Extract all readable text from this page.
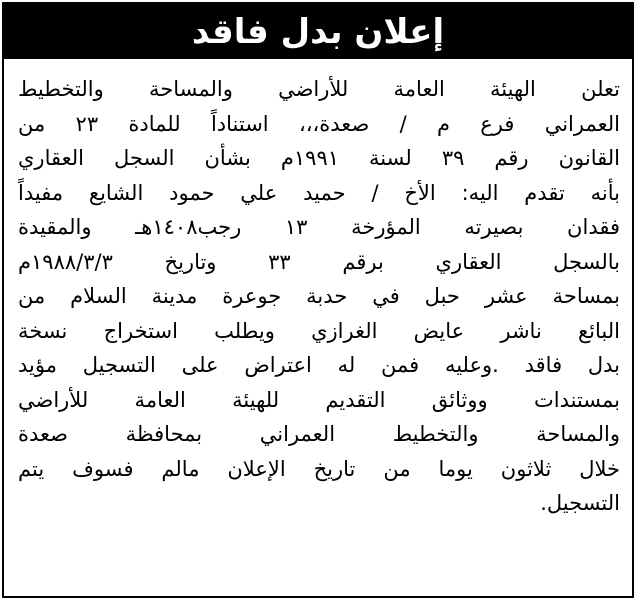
إعلان بدل فاقد
تعلن الهيئة العامة للأراضي والمساحة والتخطيط
العمراني فرع م / صعدة،،، استناداً للمادة ٢٣ من
القانون رقم ٣٩ لسنة ١٩٩١م بشأن السجل العقاري
بأنه تقدم اليه: الأخ / حميد علي حمود الشايع مفيداً
فقدان بصيرته المؤرخة ١٣ رجب١٤٠٨هـ والمقيدة
بالسجل العقاري برقم ٣٣ وتاريخ ١٩٨٨/٣/٣م
بمساحة عشر حبل في حدبة جوعرة مدينة السلام من
البائع ناشر عايض الغرازي ويطلب استخراج نسخة
بدل فاقد .وعليه فمن له اعتراض على التسجيل مؤيد
بمستندات ووثائق التقديم للهيئة العامة للأراضي
والمساحة والتخطيط العمراني بمحافظة صعدة
خلال ثلاثون يوما من تاريخ الإعلان مالم فسوف يتم
التسجيل.
